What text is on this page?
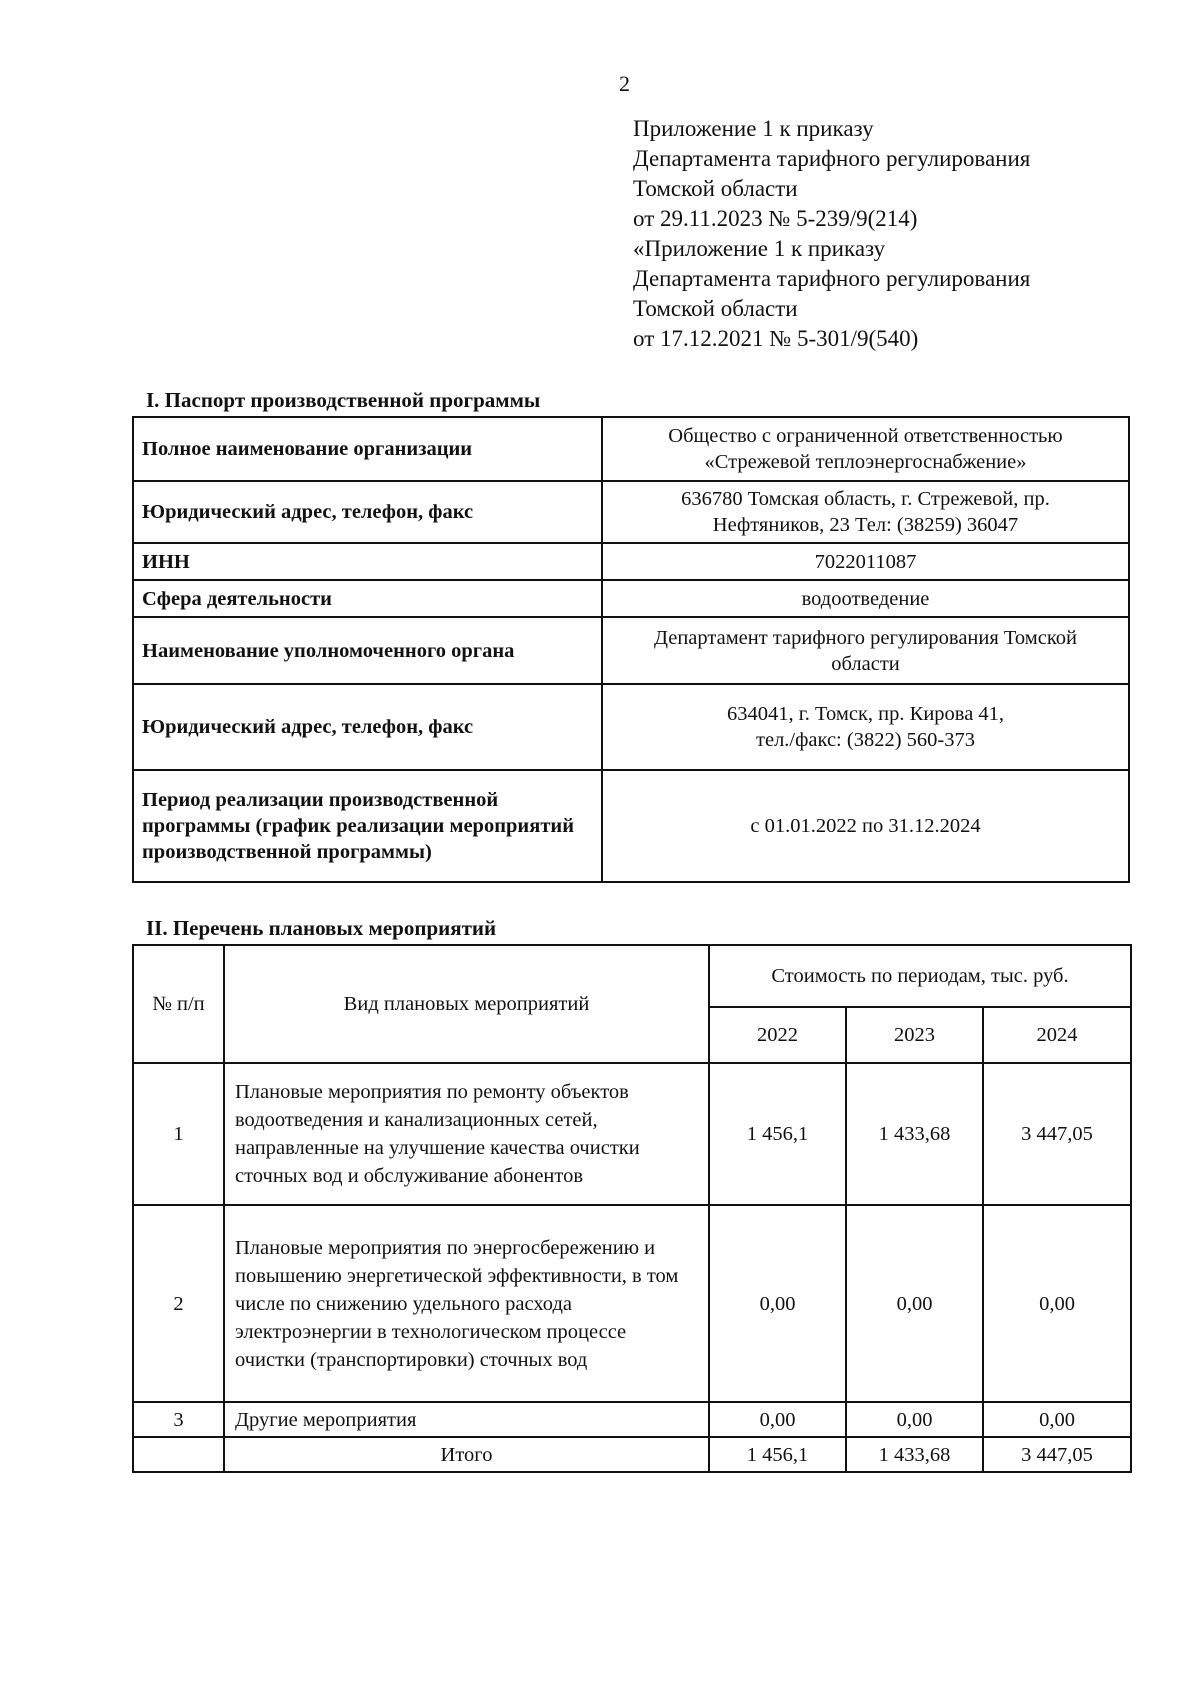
2
Приложение 1 к приказу
Департамента тарифного регулирования
Томской области
от 29.11.2023 № 5-239/9(214)
«Приложение 1 к приказу
Департамента тарифного регулирования
Томской области
от 17.12.2021 № 5-301/9(540)
I. Паспорт производственной программы
Полное наименование организации	Общество с ограниченной ответственностью
«Стрежевой теплоэнергоснабжение»
Юридический адрес, телефон, факс	636780 Томская область, г. Стрежевой, пр.
Нефтяников, 23 Тел: (38259) 36047
ИНН	7022011087
Сфера деятельности	водоотведение
Наименование уполномоченного органа	Департамент тарифного регулирования Томской
области
Юридический адрес, телефон, факс	634041, г. Томск, пр. Кирова 41,
тел./факс: (3822) 560-373
Период реализации производственной программы (график реализации мероприятий производственной программы)	с 01.01.2022 по 31.12.2024
II. Перечень плановых мероприятий
№ п/п	Вид плановых мероприятий	Стоимость по периодам, тыс. руб.		
		2022	2023	2024
1	Плановые мероприятия по ремонту объектов водоотведения и канализационных сетей, направленные на улучшение качества очистки сточных вод и обслуживание абонентов	1 456,1	1 433,68	3 447,05
2	Плановые мероприятия по энергосбережению и повышению энергетической эффективности, в том числе по снижению удельного расхода электроэнергии в технологическом процессе очистки (транспортировки) сточных вод	0,00	0,00	0,00
3	Другие мероприятия	0,00	0,00	0,00
	Итого	1 456,1	1 433,68	3 447,05
